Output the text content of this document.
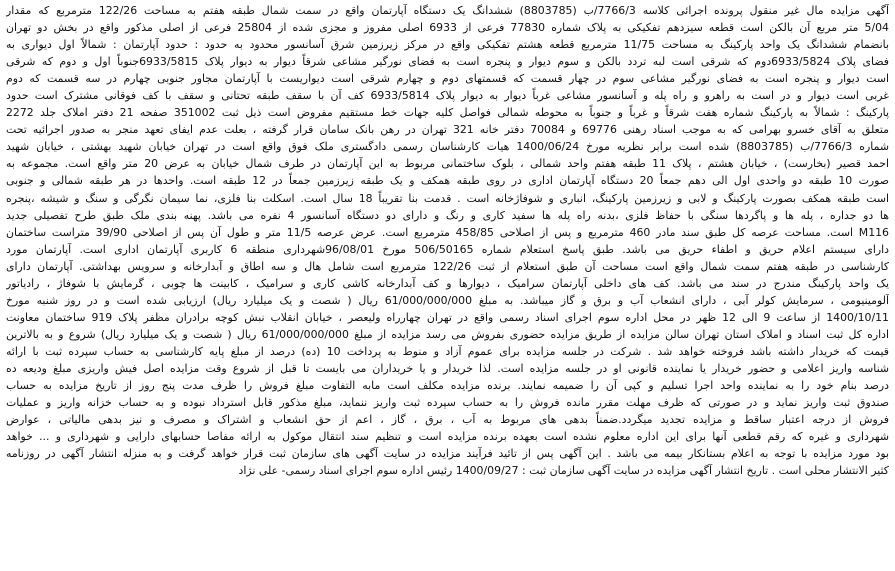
آگهی مزایده مال غیر منقول پرونده اجرائی کلاسه 7766/3/ب (8803785) ششدانگ یک دستگاه آپارتمان واقع در سمت شمال طبقه هفتم به مساحت 122/26 مترمربع که مقدار
5/04 متر مربع آن بالکن است قطعه سیزدهم تفکیکی به پلاک شماره 77830 فرعی از 6933 اصلی مفروز و مجزی شده از 25804 فرعی از اصلی مذکور واقع در بخش دو تهران
بانضمام ششدانگ یک واحد پارکینگ به مساحت 11/75 مترمربع قطعه هشتم تفکیکی واقع در مرکز زیرزمین شرق آسانسور محدود به حدود : حدود آپارتمان : شمالاً اول دیواری به
فضای پلاک 6933/5824دوم که شرقی است لبه تردد بالکن و سوم دیوار و پنجره است به فضای نورگیر مشاعی شرقاً دیوار به دیوار پلاک 6933/5815جنوباً اول و دوم که شرقی
است دیوار و پنجره است به فضای نورگیر مشاعی سوم در چهار قسمت که قسمتهای دوم و چهارم شرقی است دیواریست با آپارتمان مجاور جنوبی چهارم در سه قسمت که دوم
غربی است دیوار و در است به راهرو و راه پله و آسانسور مشاعی غرباً دیوار به دیوار پلاک 6933/5814 کف آن با سقف طبقه تحتانی و سقف با کف فوقانی مشترک است حدود
پارکینگ : شمالاً به پارکینگ شماره هفت شرقاً و غرباً و جنوباً به محوطه شمالی فواصل کلیه جهات خط مستقیم مفروض است ذیل ثبت 351002 صفحه 21 دفتر املاک جلد 2272
متعلق به آقای خسرو بهرامی که به موجب اسناد رهنی 69776 و 70084 دفتر خانه 321 تهران در رهن بانک سامان قرار گرفته ، بعلت عدم ایفای تعهد منجر به صدور اجرائیه تحت
شماره 7766/3/ب (8803785) شده است برابر نظریه مورخ 1400/06/24 هیات کارشناسان رسمی دادگستری ملک فوق واقع است در تهران خیابان شهید بهشتی ، خیابان شهید
احمد قصیر (بخارست) ، خیابان هشتم ، پلاک 11 طبقه هفتم واحد شمالی ، بلوک ساختمانی مربوط به این آپارتمان در طرف شمال خیابان به عرض 20 متر واقع است. مجموعه به
صورت 10 طبقه دو واحدی اول الی دهم جمعاً 20 دستگاه آپارتمان اداری در روی طبقه همکف و یک طبقه زیرزمین جمعاً در 12 طبقه است. واحدها در هر طبقه شمالی و جنوبی
است طبقه همکف بصورت پارکینگ و لابی و زیرزمین پارکینگ، انباری و شوفاژخانه است . قدمت بنا تقریباً 18 سال است. اسکلت بنا فلزی، نما سیمان نگرگی و سنگ و شیشه ،پنجره
ها دو جداره ، پله ها و پاگردها سنگی با حفاظ فلزی ،بدنه راه پله ها سفید کاری و رنگ و دارای دو دستگاه آسانسور 4 نفره می باشد. پهنه بندی ملک طبق طرح تفصیلی جدید
M116 است. مساحت عرصه کل طبق سند مادر 460 مترمربع و پس از اصلاحی 458/85 مترمربع است. عرض عرصه 11/5 متر و طول آن پس از اصلاحی 39/90 متراست ساختمان
دارای سیستم اعلام حریق و اطفاء حریق می باشد. طبق پاسخ استعلام شماره 506/50165 مورخ 96/08/01شهرداری منطقه 6 کاربری آپارتمان اداری است. آپارتمان مورد
کارشناسی در طبقه هفتم سمت شمال واقع است مساحت آن طبق استعلام از ثبت 122/26 مترمربع است شامل هال و سه اطاق و آبدارخانه و سرویس بهداشتی. آپارتمان دارای
یک واحد پارکینگ مندرج در سند می باشد. کف های داخلی آپارتمان سرامیک ، دیوارها و کف آبدارخانه کاشی کاری و سرامیک ، کابینت ها چوبی ، گرمایش با شوفاژ ، رادیاتور
آلومینیومی ، سرمایش کولر آبی ، دارای انشعاب آب و برق و گاز میباشد. به مبلغ 61/000/000/000 ریال ( شصت و یک میلیارد ریال) ارزیابی شده است و در روز شنبه مورخ
1400/10/11 از ساعت 9 الی 12 ظهر در محل اداره سوم اجرای اسناد رسمی واقع در تهران چهارراه ولیعصر ، خیابان انقلاب نبش کوچه برادران مظفر پلاک 919 ساختمان معاونت
اداره کل ثبت اسناد و املاک استان تهران سالن مزایده از طریق مزایده حضوری بفروش می رسد مزایده از مبلغ 61/000/000/000 ریال ( شصت و یک میلیارد ریال) شروع و به بالاترین
قیمت که خریدار داشته باشد فروخته خواهد شد . شرکت در جلسه مزایده برای عموم آزاد و منوط به پرداخت 10 (ده) درصد از مبلغ پایه کارشناسی به حساب سپرده ثبت با ارائه
شناسه واریز اعلامی و حضور خریدار یا نماینده قانونی او در جلسه مزایده است. لذا خریدار و یا خریداران می بایست تا قبل از شروع وقت مزایده اصل فیش واریزی مبلغ ودیعه ده
درصد بنام خود را به نماینده واحد اجرا تسلیم و کپی آن را ضمیمه نمایند. برنده مزایده مکلف است مابه التفاوت مبلغ فروش را ظرف مدت پنج روز از تاریخ مزایده به حساب
صندوق ثبت واریز نماید و در صورتی که ظرف مهلت مقرر مانده فروش را به حساب سپرده ثبت واریز ننماید، مبلغ مذکور قابل استرداد نبوده و به حساب خزانه واریز و عملیات
فروش از درجه اعتبار ساقط و مزایده تجدید میگردد.ضمناً بدهی های مربوط به آب ، برق ، گاز ، اعم از حق انشعاب و اشتراک و مصرف و نیز بدهی مالیاتی ، عوارض
شهرداری و غیره که رقم قطعی آنها برای این اداره معلوم نشده است بعهده برنده مزایده است و تنظیم سند انتقال موکول به ارائه مفاصا حسابهای دارایی و شهرداری و ... خواهد
بود مورد مزایده با توجه به اعلام بستانکار بیمه می باشد . این آگهی پس از تائید فرآیند مزایده در سایت آگهی های سازمان ثبت قرار خواهد گرفت و به منزله انتشار آگهی در روزنامه
کثیر الانتشار محلی است . تاریخ انتشار آگهی مزایده در سایت آگهی سازمان ثبت : 1400/09/27 رئیس اداره سوم اجرای اسناد رسمی- علی نژاد
